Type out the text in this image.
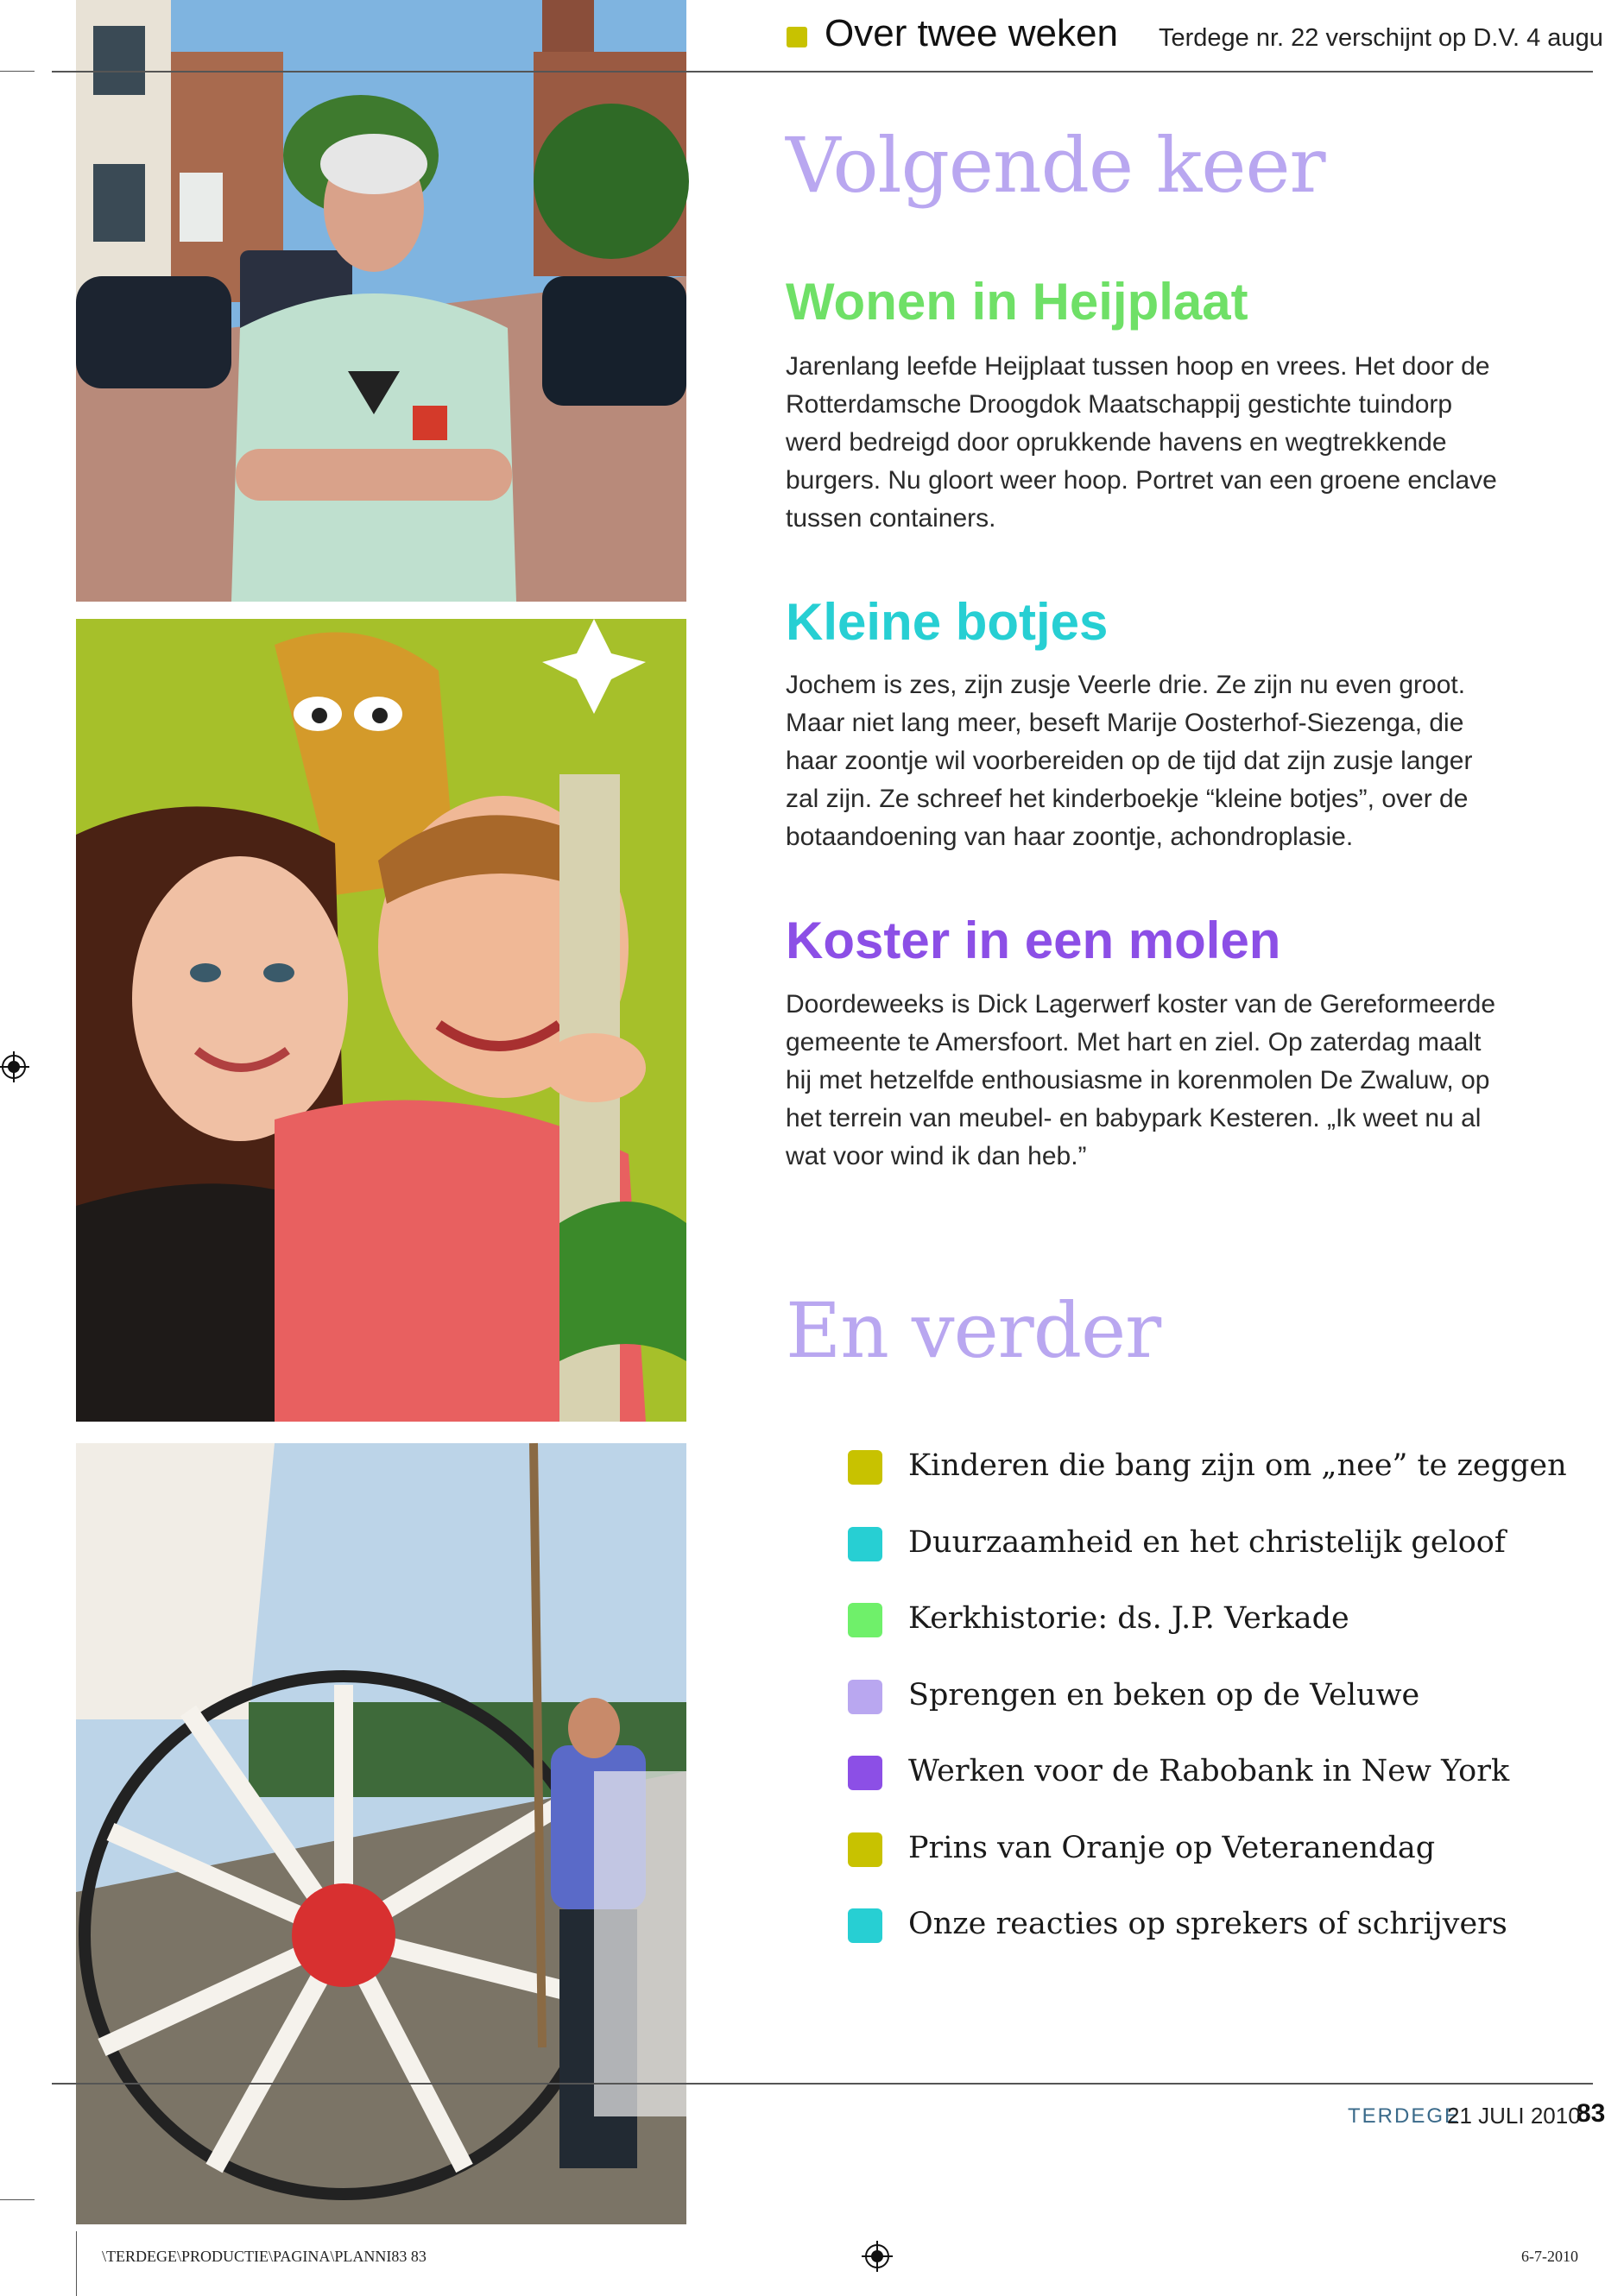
Over twee weken Terdege nr. 22 verschijnt op D.V. 4 augu
Volgende keer
Wonen in Heijplaat
Jarenlang leefde Heijplaat tussen hoop en vrees. Het door de Rotterdamsche Droogdok Maatschappij gestichte tuindorp werd bedreigd door oprukkende havens en wegtrekkende burgers. Nu gloort weer hoop. Portret van een groene enclave tussen containers.
Kleine botjes
Jochem is zes, zijn zusje Veerle drie. Ze zijn nu even groot. Maar niet lang meer, beseft Marije Oosterhof-Siezenga, die haar zoontje wil voorbereiden op de tijd dat zijn zusje langer zal zijn. Ze schreef het kinderboekje “kleine botjes”, over de botaandoening van haar zoontje, achondroplasie.
Koster in een molen
Doordeweeks is Dick Lagerwerf koster van de Gereformeerde gemeente te Amersfoort. Met hart en ziel. Op zaterdag maalt hij met hetzelfde enthousiasme in korenmolen De Zwaluw, op het terrein van meubel- en babypark Kesteren. „Ik weet nu al wat voor wind ik dan heb.”
En verder
Kinderen die bang zijn om „nee” te zeggen
Duurzaamheid en het christelijk geloof
Kerkhistorie: ds. J.P. Verkade
Sprengen en beken op de Veluwe
Werken voor de Rabobank in New York
Prins van Oranje op Veteranendag
Onze reacties op sprekers of schrijvers
TERDEGE
21 JULI 2010
83
\TERDEGE\PRODUCTIE\PAGINA\PLANNI83 83	6-7-2010
